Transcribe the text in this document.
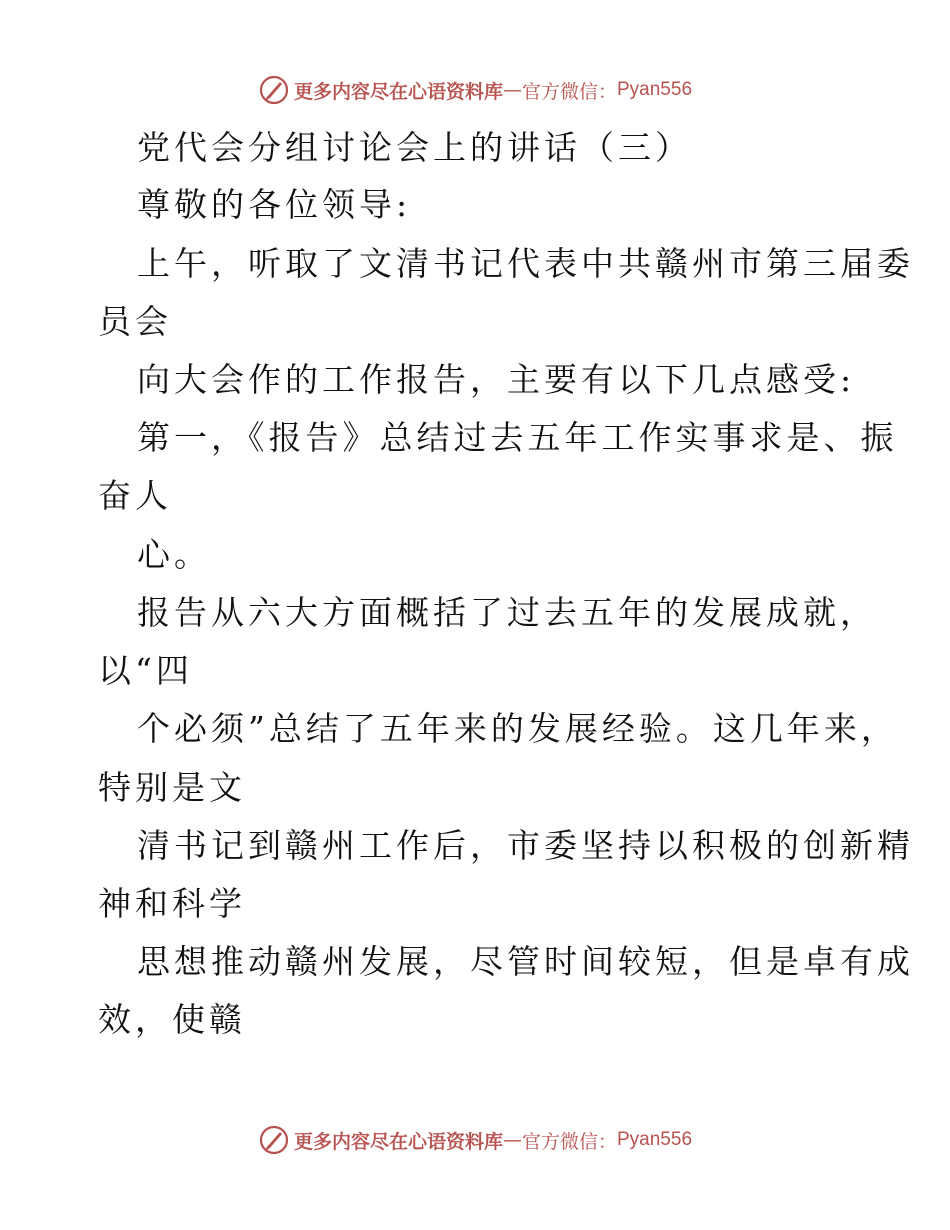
更多内容尽在心语资料库 — 官方微信： Pyan556
党代会分组讨论会上的讲话（三）
尊敬的各位领导:
上午，听取了文清书记代表中共赣州市第三届委
员会
向大会作的工作报告，主要有以下几点感受:
第一，《报告》总结过去五年工作实事求是、振
奋人
心。
报告从六大方面概括了过去五年的发展成就，
以“四
个必须”总结了五年来的发展经验。这几年来，
特别是文
清书记到赣州工作后，市委坚持以积极的创新精
神和科学
思想推动赣州发展，尽管时间较短，但是卓有成
效，使赣
更多内容尽在心语资料库 — 官方微信： Pyan556
